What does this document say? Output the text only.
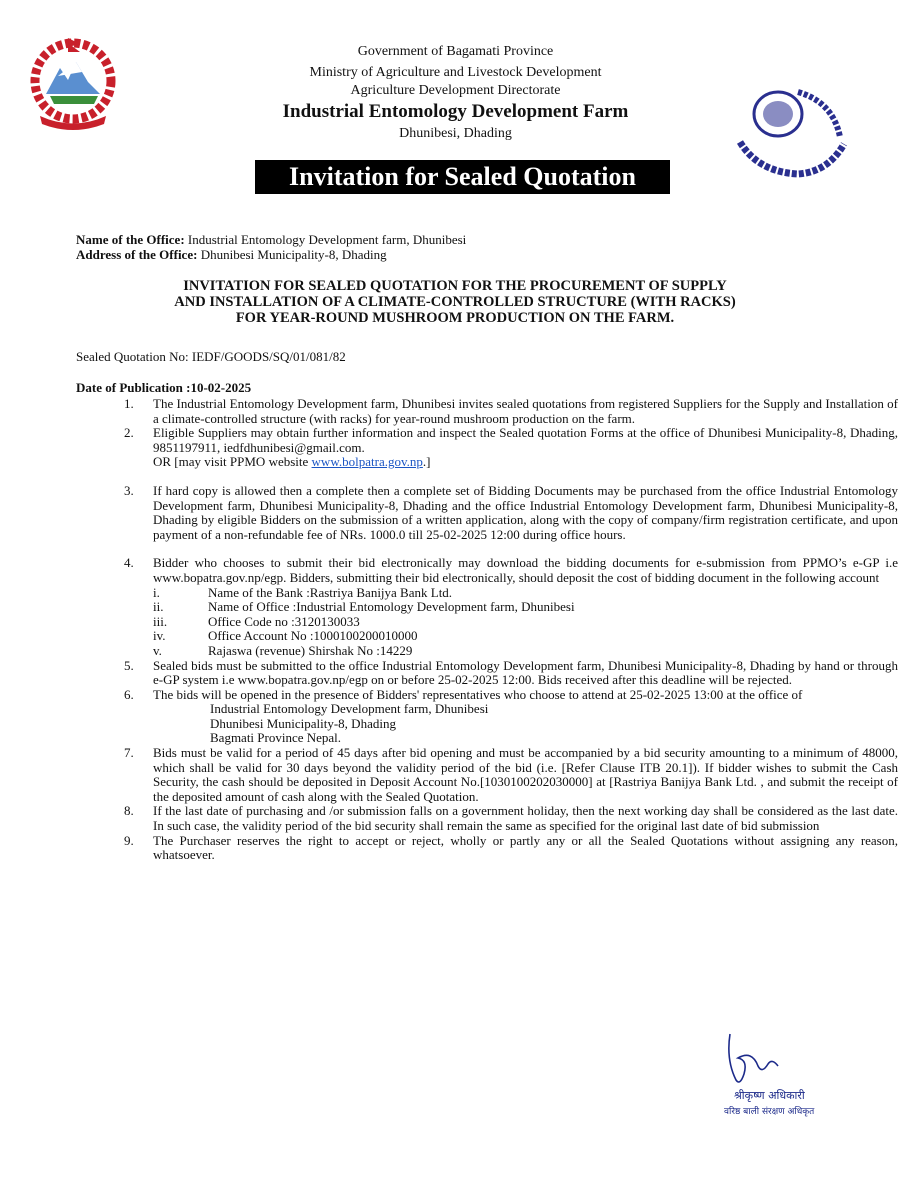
Government of Bagamati Province
Ministry of Agriculture and Livestock Development
Agriculture Development Directorate
Industrial Entomology Development Farm
Dhunibesi, Dhading
Invitation for Sealed Quotation
Name of the Office: Industrial Entomology Development farm, Dhunibesi
Address of the Office: Dhunibesi Municipality-8, Dhading
INVITATION FOR SEALED QUOTATION FOR THE PROCUREMENT OF SUPPLY
AND INSTALLATION OF A CLIMATE-CONTROLLED STRUCTURE (WITH RACKS)
FOR YEAR-ROUND MUSHROOM PRODUCTION ON THE FARM.
Sealed Quotation No: IEDF/GOODS/SQ/01/081/82
Date of Publication :10-02-2025
1. The Industrial Entomology Development farm, Dhunibesi invites sealed quotations from registered Suppliers for the Supply and Installation of a climate-controlled structure (with racks) for year-round mushroom production on the farm.
2. Eligible Suppliers may obtain further information and inspect the Sealed quotation Forms at the office of Dhunibesi Municipality-8, Dhading, 9851197911, iedfdhunibesi@gmail.com.
OR [may visit PPMO website www.bolpatra.gov.np.]
3. If hard copy is allowed then a complete then a complete set of Bidding Documents may be purchased from the office Industrial Entomology Development farm, Dhunibesi Municipality-8, Dhading and the office Industrial Entomology Development farm, Dhunibesi Municipality-8, Dhading by eligible Bidders on the submission of a written application, along with the copy of company/firm registration certificate, and upon payment of a non-refundable fee of NRs. 1000.0 till 25-02-2025 12:00 during office hours.
4. Bidder who chooses to submit their bid electronically may download the bidding documents for e-submission from PPMO’s e-GP i.e www.bopatra.gov.np/egp. Bidders, submitting their bid electronically, should deposit the cost of bidding document in the following account
i.	Name of the Bank :Rastriya Banijya Bank Ltd.
ii.	Name of Office :Industrial Entomology Development farm, Dhunibesi
iii.	Office Code no :3120130033
iv.	Office Account No :1000100200010000
v.	Rajaswa (revenue) Shirshak No :14229
5. Sealed bids must be submitted to the office Industrial Entomology Development farm, Dhunibesi Municipality-8, Dhading by hand or through e-GP system i.e www.bopatra.gov.np/egp on or before 25-02-2025 12:00. Bids received after this deadline will be rejected.
6. The bids will be opened in the presence of Bidders' representatives who choose to attend at 25-02-2025 13:00 at the office of
Industrial Entomology Development farm, Dhunibesi
Dhunibesi Municipality-8, Dhading
Bagmati Province Nepal.
7. Bids must be valid for a period of 45 days after bid opening and must be accompanied by a bid security amounting to a minimum of 48000, which shall be valid for 30 days beyond the validity period of the bid (i.e. [Refer Clause ITB 20.1]). If bidder wishes to submit the Cash Security, the cash should be deposited in Deposit Account No.[1030100202030000] at [Rastriya Banijya Bank Ltd. , and submit the receipt of the deposited amount of cash along with the Sealed Quotation.
8. If the last date of purchasing and /or submission falls on a government holiday, then the next working day shall be considered as the last date. In such case, the validity period of the bid security shall remain the same as specified for the original last date of bid submission
9. The Purchaser reserves the right to accept or reject, wholly or partly any or all the Sealed Quotations without assigning any reason, whatsoever.
श्रीकृष्ण अधिकारी
वरिष्ठ बाली संरक्षण अधिकृत
